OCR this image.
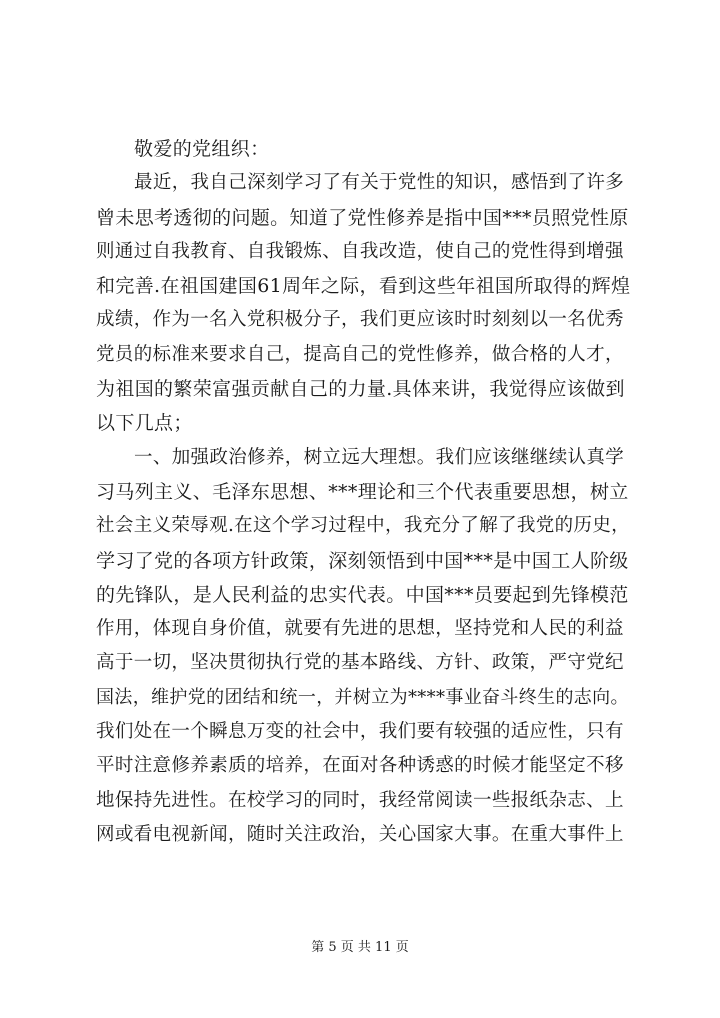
敬爱的党组织：
最近，我自己深刻学习了有关于党性的知识，感悟到了许多
曾未思考透彻的问题。知道了党性修养是指中国***员照党性原
则通过自我教育、自我锻炼、自我改造，使自己的党性得到增强
和完善.在祖国建国61周年之际，看到这些年祖国所取得的辉煌
成绩，作为一名入党积极分子，我们更应该时时刻刻以一名优秀
党员的标准来要求自己，提高自己的党性修养，做合格的人才，
为祖国的繁荣富强贡献自己的力量.具体来讲，我觉得应该做到
以下几点；
一、加强政治修养，树立远大理想。我们应该继继续认真学
习马列主义、毛泽东思想、***理论和三个代表重要思想，树立
社会主义荣辱观.在这个学习过程中，我充分了解了我党的历史，
学习了党的各项方针政策，深刻领悟到中国***是中国工人阶级
的先锋队，是人民利益的忠实代表。中国***员要起到先锋模范
作用，体现自身价值，就要有先进的思想，坚持党和人民的利益
高于一切，坚决贯彻执行党的基本路线、方针、政策，严守党纪
国法，维护党的团结和统一，并树立为****事业奋斗终生的志向。
我们处在一个瞬息万变的社会中，我们要有较强的适应性，只有
平时注意修养素质的培养，在面对各种诱惑的时候才能坚定不移
地保持先进性。在校学习的同时，我经常阅读一些报纸杂志、上
网或看电视新闻，随时关注政治，关心国家大事。在重大事件上
第 5 页 共 11 页
